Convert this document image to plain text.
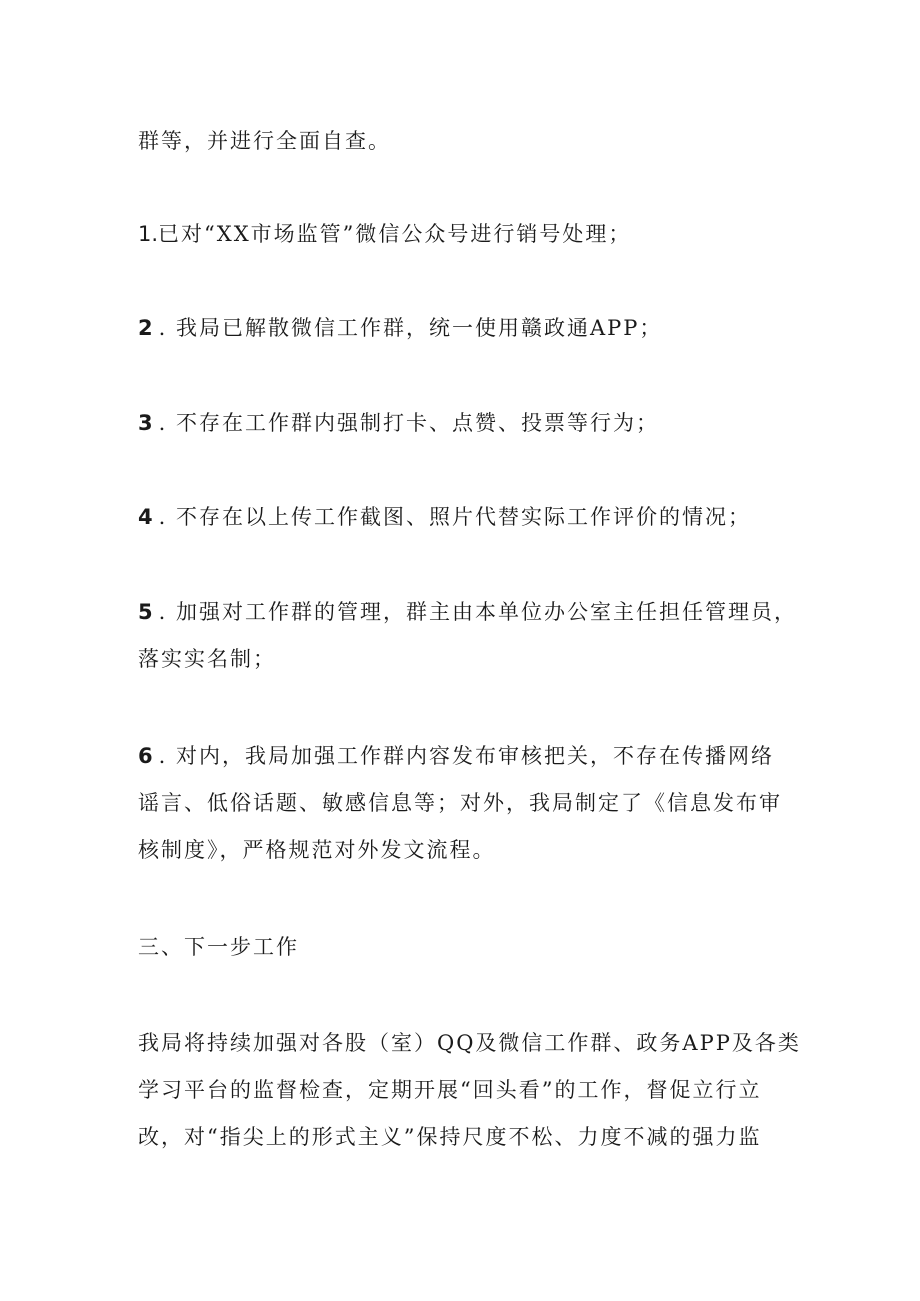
群等，并进行全面自查。
1.已对“XX市场监管”微信公众号进行销号处理；
2 . 我局已解散微信工作群，统一使用赣政通APP；
3 . 不存在工作群内强制打卡、点赞、投票等行为；
4 . 不存在以上传工作截图、照片代替实际工作评价的情况；
5 . 加强对工作群的管理，群主由本单位办公室主任担任管理员，
落实实名制；
6 . 对内，我局加强工作群内容发布审核把关，不存在传播网络
谣言、低俗话题、敏感信息等；对外，我局制定了《信息发布审
核制度》，严格规范对外发文流程。
三、下一步工作
我局将持续加强对各股（室）QQ及微信工作群、政务APP及各类
学习平台的监督检查，定期开展“回头看”的工作，督促立行立
改，对“指尖上的形式主义”保持尺度不松、力度不减的强力监
